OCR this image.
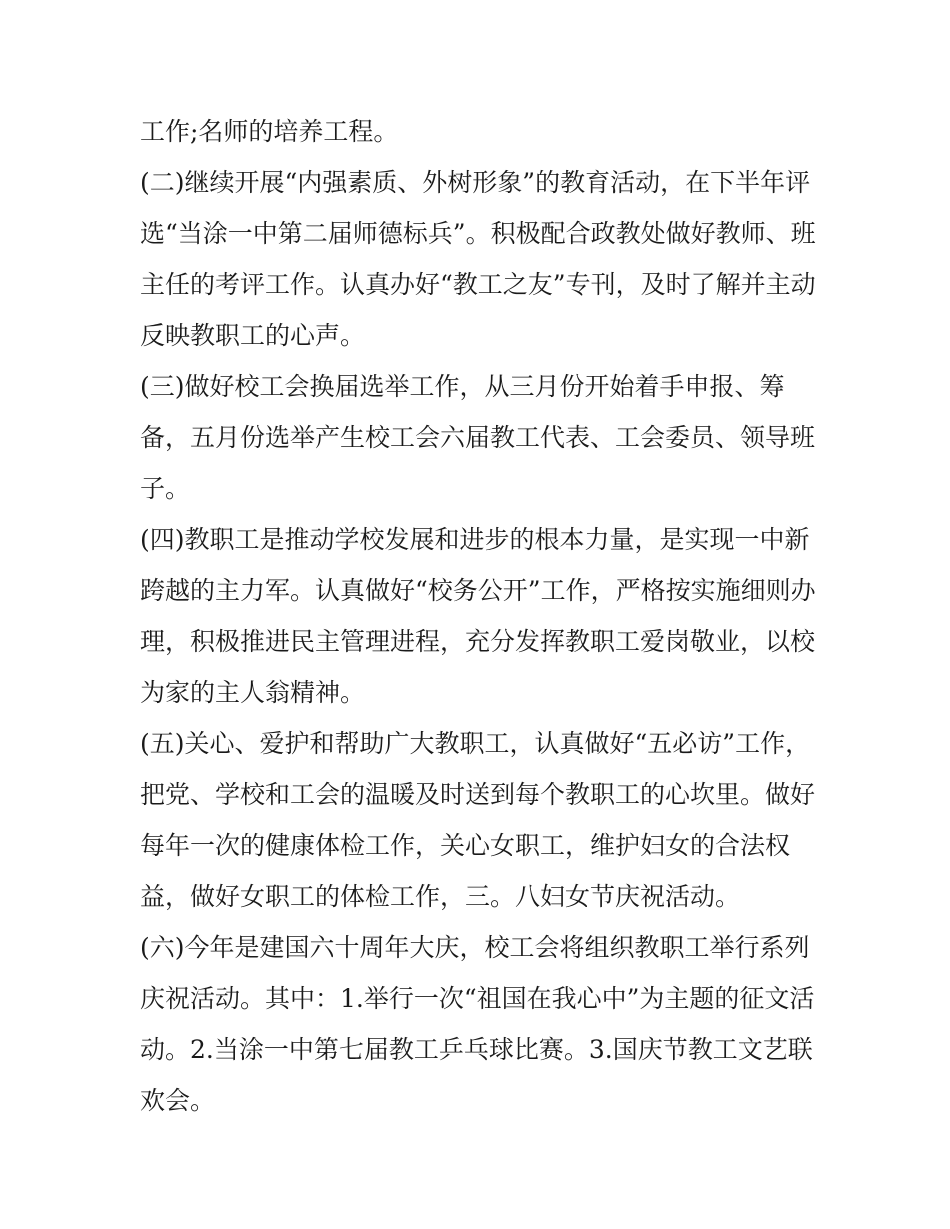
工作;名师的培养工程。
(二)继续开展“内强素质、外树形象”的教育活动，在下半年评
选“当涂一中第二届师德标兵”。积极配合政教处做好教师、班
主任的考评工作。认真办好“教工之友”专刊，及时了解并主动
反映教职工的心声。
(三)做好校工会换届选举工作，从三月份开始着手申报、筹
备，五月份选举产生校工会六届教工代表、工会委员、领导班
子。
(四)教职工是推动学校发展和进步的根本力量，是实现一中新
跨越的主力军。认真做好“校务公开”工作，严格按实施细则办
理，积极推进民主管理进程，充分发挥教职工爱岗敬业，以校
为家的主人翁精神。
(五)关心、爱护和帮助广大教职工，认真做好“五必访”工作，
把党、学校和工会的温暖及时送到每个教职工的心坎里。做好
每年一次的健康体检工作，关心女职工，维护妇女的合法权
益，做好女职工的体检工作，三。八妇女节庆祝活动。
(六)今年是建国六十周年大庆，校工会将组织教职工举行系列
庆祝活动。其中：1.举行一次“祖国在我心中”为主题的征文活
动。2.当涂一中第七届教工乒乓球比赛。3.国庆节教工文艺联
欢会。
